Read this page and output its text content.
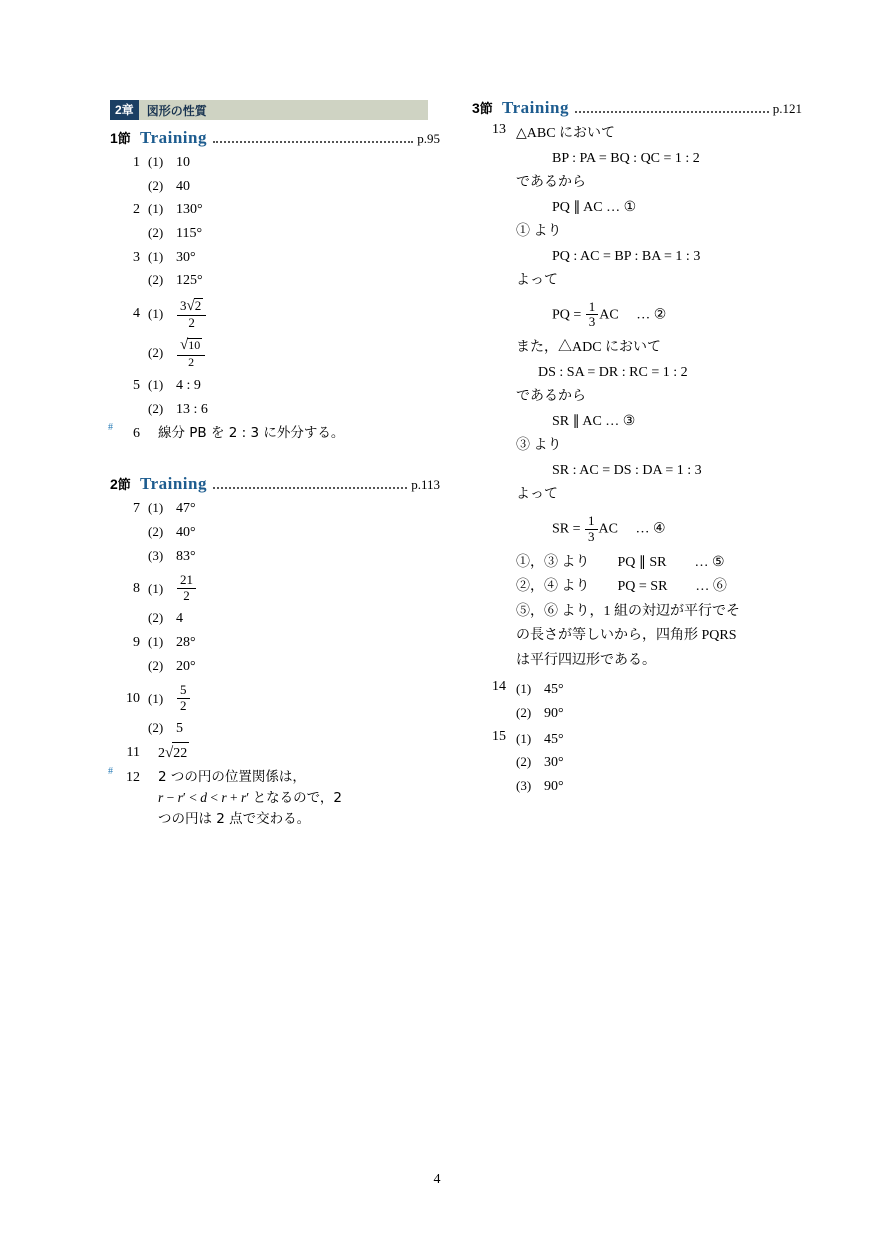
2章	図形の性質
1節 Training	p.95
1 (1) 10
(2) 40
2 (1) 130°
(2) 115°
3 (1) 30°
(2) 125°
4 (1)	$\frac{3√2}{2}$
$(2) \frac{√10}{2}$
5 (1) 4 : 9
(2) 13 : 6
# 6	線分 PB を 2 : 3 に外分する。
2節 Training	p.113
7 (1) 47°
(2) 40°
(3) 83°
8 (1)	$\frac{21}{2}$
(2) 4
9 (1) 28°
(2) 20°
10 (1)	$\frac{5}{2}$
(2) 5
11	2√22
# 12	2 つの円の位置関係は，
r − r′ < d < r + r′ となるので，2
つの円は 2 点で交わる。
3節 Training	p.121
13 △ABC において
BP : PA = BQ : QC = 1 : 2
であるから
PQ ∥ AC … ①
① より
PQ : AC = BP : BA = 1 : 3
よって
PQ = $\frac{1}{3}$ AC     … ②
また，△ADC において
DS : SA = DR : RC = 1 : 2
であるから
SR ∥ AC … ③
③ より
SR : AC = DS : DA = 1 : 3
よって
SR = $\frac{1}{3}$ AC     … ④
①，③ より　　PQ ∥ SR　　… ⑤
②，④ より　　PQ = SR　　… ⑥
⑤，⑥ より，1 組の対辺が平行でそ
の長さが等しいから，四角形 PQRS
は平行四辺形である。
14 (1) 45°
(2) 90°
15 (1) 45°
(2) 30°
(3) 90°
4
